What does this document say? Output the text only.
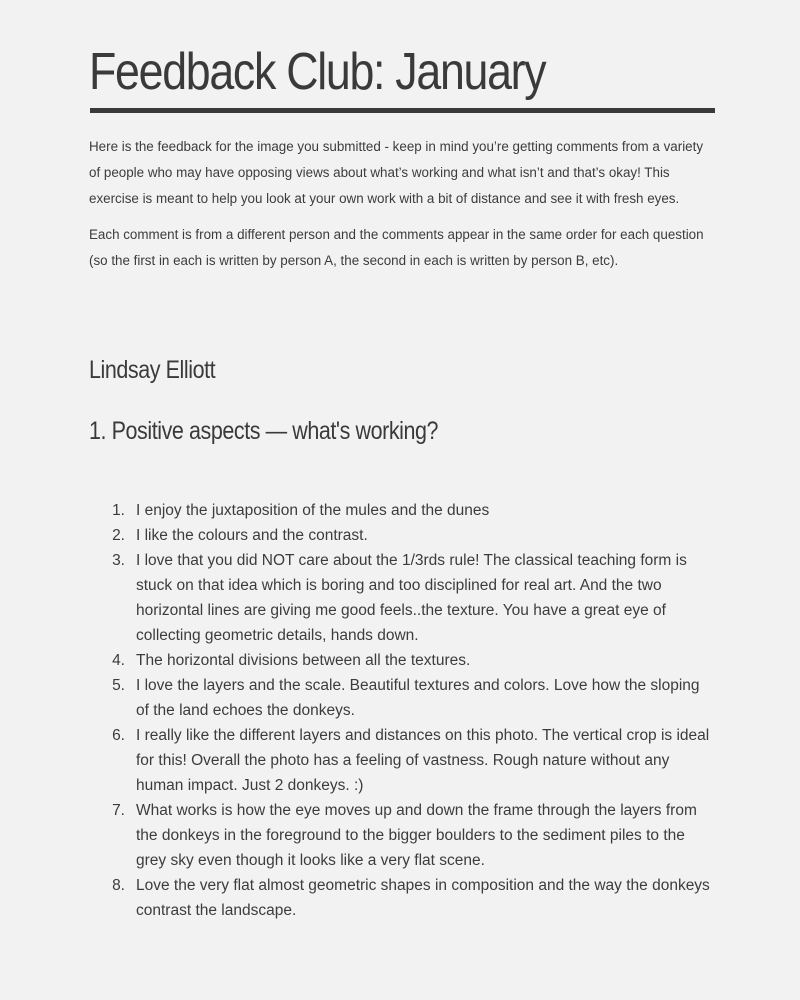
Feedback Club: January

Here is the feedback for the image you submitted - keep in mind you’re getting comments from a variety of people who may have opposing views about what’s working and what isn’t and that’s okay! This exercise is meant to help you look at your own work with a bit of distance and see it with fresh eyes.

Each comment is from a different person and the comments appear in the same order for each question (so the first in each is written by person A, the second in each is written by person B, etc).

Lindsay Elliott
1. Positive aspects — what's working?
1. I enjoy the juxtaposition of the mules and the dunes
2. I like the colours and the contrast.
3. I love that you did NOT care about the 1/3rds rule! The classical teaching form is stuck on that idea which is boring and too disciplined for real art. And the two horizontal lines are giving me good feels..the texture. You have a great eye of collecting geometric details, hands down.
4. The horizontal divisions between all the textures.
5. I love the layers and the scale. Beautiful textures and colors. Love how the sloping of the land echoes the donkeys.
6. I really like the different layers and distances on this photo. The vertical crop is ideal for this! Overall the photo has a feeling of vastness. Rough nature without any human impact. Just 2 donkeys. :)
7. What works is how the eye moves up and down the frame through the layers from the donkeys in the foreground to the bigger boulders to the sediment piles to the grey sky even though it looks like a very flat scene.
8. Love the very flat almost geometric shapes in composition and the way the donkeys contrast the landscape.
